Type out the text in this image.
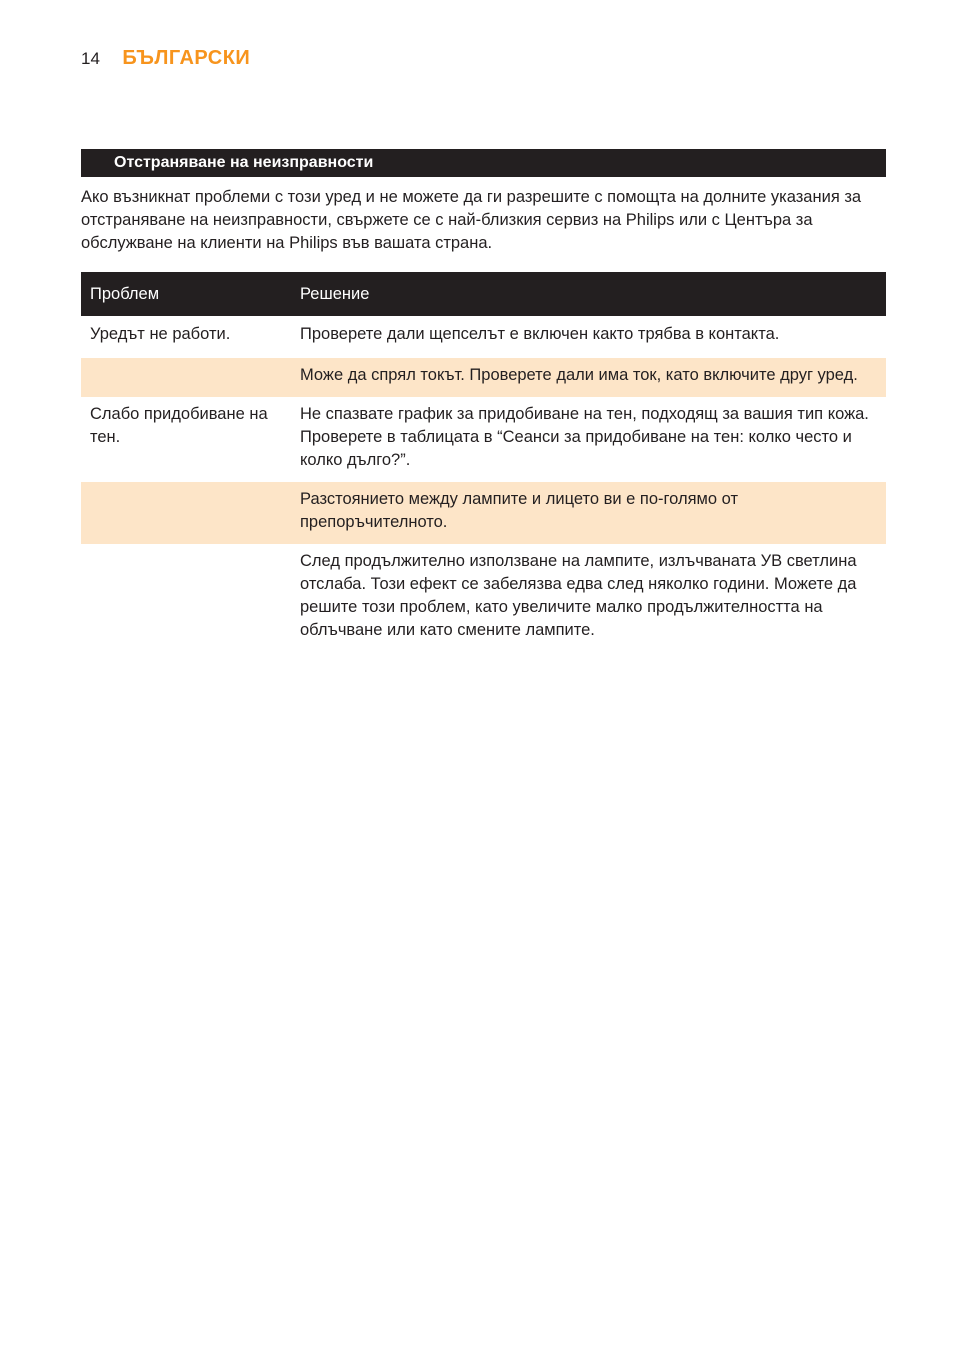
14 БЪЛГАРСКИ
Отстраняване на неизправности

Ако възникнат проблеми с този уред и не можете да ги разрешите с помощта на долните указания за отстраняване на неизправности, свържете се с най-близкия сервиз на Philips или с Центъра за обслужване на клиенти на Philips във вашата страна.

Проблем	Решение
Уредът не работи.	Проверете дали щепселът е включен както трябва в контакта.
	Може да спрял токът. Проверете дали има ток, като включите друг уред.
Слабо придобиване на тен.	Не спазвате график за придобиване на тен, подходящ за вашия тип кожа. Проверете в таблицата в “Сеанси за придобиване на тен: колко често и колко дълго?”.
	Разстоянието между лампите и лицето ви е по-голямо от препоръчителното.
	След продължително използване на лампите, излъчваната УВ светлина отслаба. Този ефект се забелязва едва след няколко години. Можете да решите този проблем, като увеличите малко продължителността на облъчване или като смените лампите.
